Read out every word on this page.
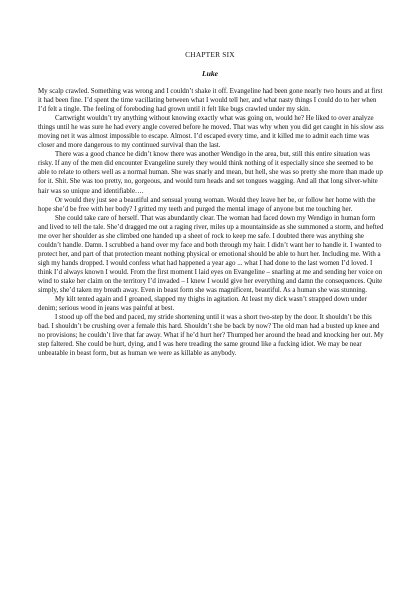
CHAPTER SIX
Luke

My scalp crawled. Something was wrong and I couldn’t shake it off. Evangeline had been gone nearly two hours and at first it had been fine. I’d spent the time vacillating between what I would tell her, and what nasty things I could do to her when I’d felt a tingle. The feeling of foreboding had grown until it felt like bugs crawled under my skin.

Cartwright wouldn’t try anything without knowing exactly what was going on, would he? He liked to over analyze things until he was sure he had every angle covered before he moved. That was why when you did get caught in his slow ass moving net it was almost impossible to escape. Almost. I’d escaped every time, and it killed me to admit each time was closer and more dangerous to my continued survival than the last.

There was a good chance he didn’t know there was another Wendigo in the area, but, still this entire situation was risky. If any of the men did encounter Evangeline surely they would think nothing of it especially since she seemed to be able to relate to others well as a normal human. She was snarly and mean, but hell, she was so pretty she more than made up for it. Shit. She was too pretty, no, gorgeous, and would turn heads and set tongues wagging. And all that long silver-white hair was so unique and identifiable….

Or would they just see a beautiful and sensual young woman. Would they leave her be, or follow her home with the hope she’d be free with her body? I gritted my teeth and purged the mental image of anyone but me touching her.

She could take care of herself. That was abundantly clear. The woman had faced down my Wendigo in human form and lived to tell the tale. She’d dragged me out a raging river, miles up a mountainside as she summoned a storm, and hefted me over her shoulder as she climbed one handed up a sheet of rock to keep me safe. I doubted there was anything she couldn’t handle. Damn. I scrubbed a hand over my face and both through my hair. I didn’t want her to handle it. I wanted to protect her, and part of that protection meant nothing physical or emotional should be able to hurt her. Including me. With a sigh my hands dropped. I would confess what had happened a year ago ... what I had done to the last women I’d loved. I think I’d always known I would. From the first moment I laid eyes on Evangeline – snarling at me and sending her voice on wind to stake her claim on the territory I’d invaded – I knew I would give her everything and damn the consequences. Quite simply, she’d taken my breath away. Even in beast form she was magnificent, beautiful. As a human she was stunning.

My kilt tented again and I groaned, slapped my thighs in agitation. At least my dick wasn’t strapped down under denim; serious wood in jeans was painful at best.

I stood up off the bed and paced, my stride shortening until it was a short two-step by the door. It shouldn’t be this bad. I shouldn’t be crushing over a female this hard. Shouldn’t she be back by now? The old man had a busted up knee and no provisions; he couldn’t live that far away. What if he’d hurt her? Thumped her around the head and knocking her out. My step faltered. She could be hurt, dying, and I was here treading the same ground like a fucking idiot. We may be near unbeatable in beast form, but as human we were as killable as anybody.
